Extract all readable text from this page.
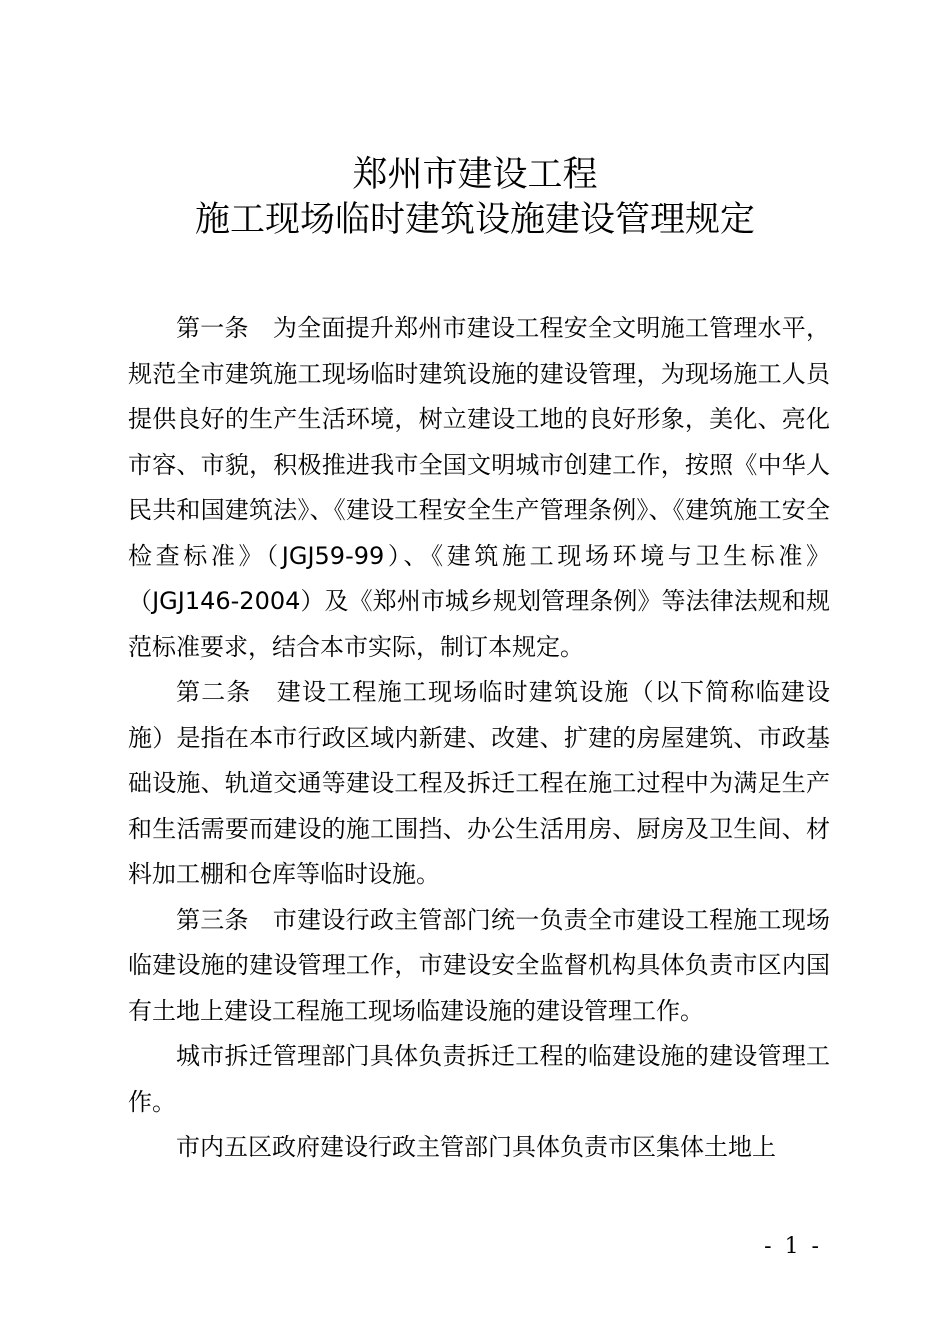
郑州市建设工程
施工现场临时建筑设施建设管理规定

第一条　为全面提升郑州市建设工程安全文明施工管理水平，规范全市建筑施工现场临时建筑设施的建设管理，为现场施工人员提供良好的生产生活环境，树立建设工地的良好形象，美化、亮化市容、市貌，积极推进我市全国文明城市创建工作，按照《中华人民共和国建筑法》、《建设工程安全生产管理条例》、《建筑施工安全检查标准》（JGJ59-99）、《建筑施工现场环境与卫生标准》（JGJ146-2004）及《郑州市城乡规划管理条例》等法律法规和规范标准要求，结合本市实际，制订本规定。

第二条　建设工程施工现场临时建筑设施（以下简称临建设施）是指在本市行政区域内新建、改建、扩建的房屋建筑、市政基础设施、轨道交通等建设工程及拆迁工程在施工过程中为满足生产和生活需要而建设的施工围挡、办公生活用房、厨房及卫生间、材料加工棚和仓库等临时设施。

第三条　市建设行政主管部门统一负责全市建设工程施工现场临建设施的建设管理工作，市建设安全监督机构具体负责市区内国有土地上建设工程施工现场临建设施的建设管理工作。

城市拆迁管理部门具体负责拆迁工程的临建设施的建设管理工作。

市内五区政府建设行政主管部门具体负责市区集体土地上

- 1 -
